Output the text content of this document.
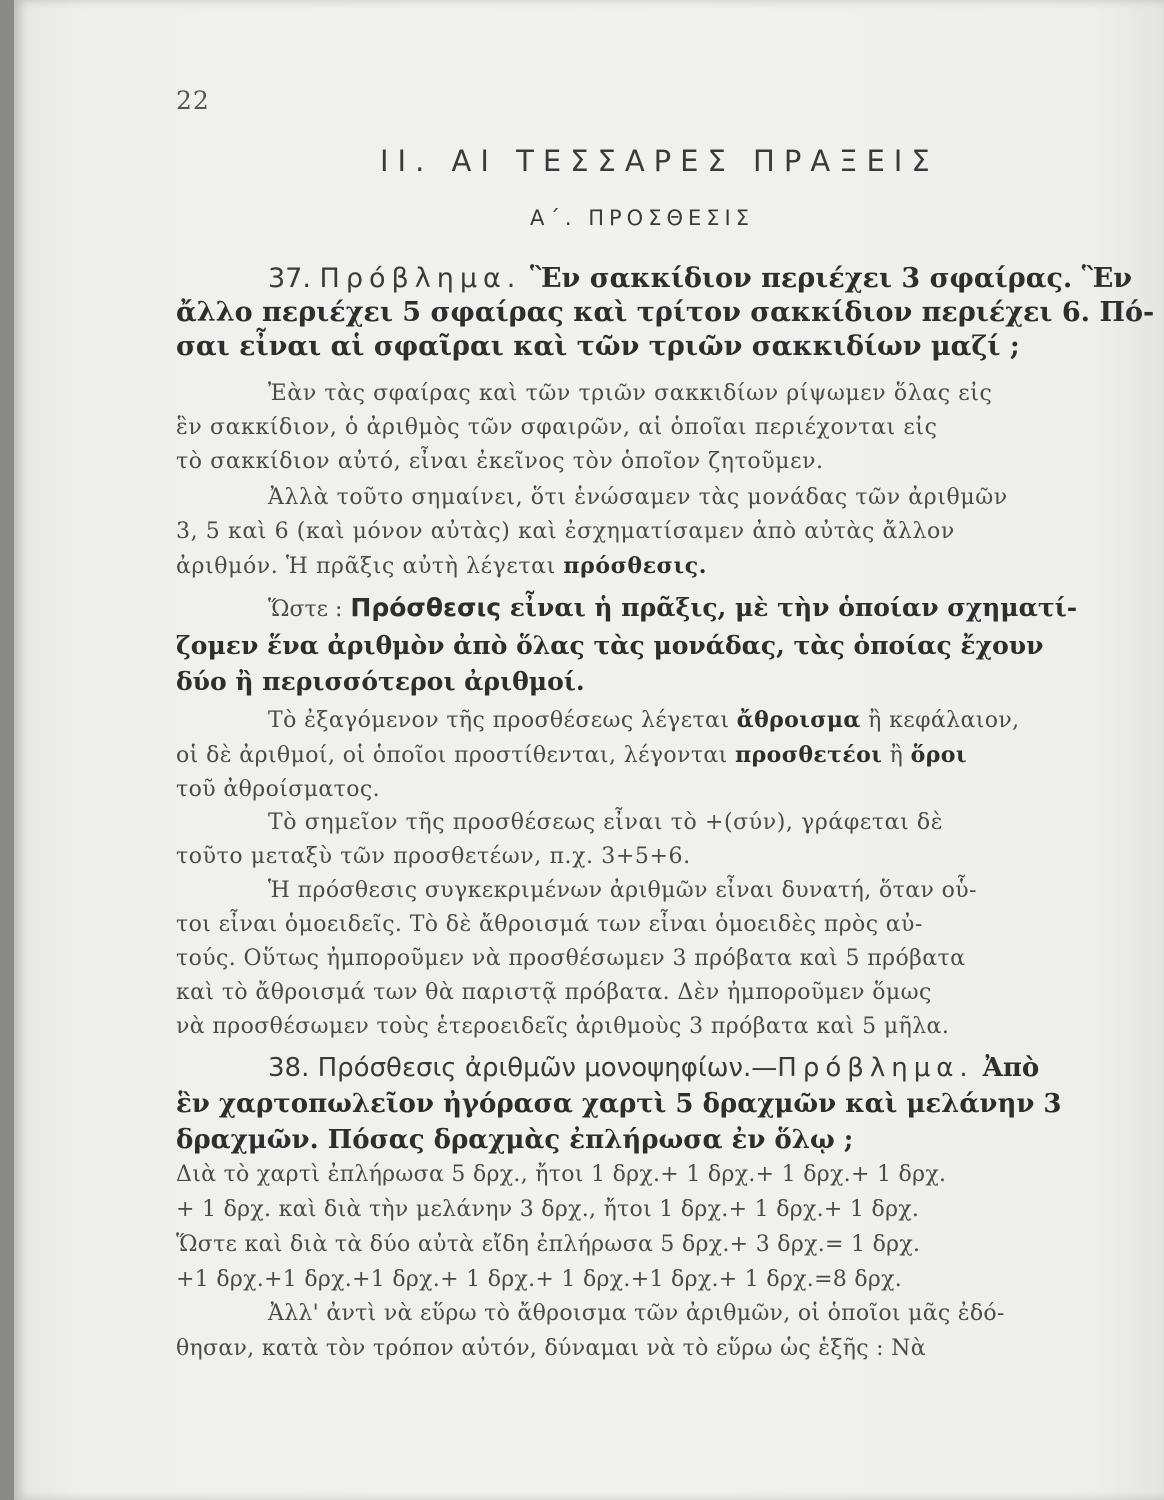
22
II. ΑΙ ΤΕΣΣΑΡΕΣ ΠΡΑΞΕΙΣ
Α΄. ΠΡΟΣΘΕΣΙΣ
37. Πρόβλημα. Ἓν σακκίδιον περιέχει 3 σφαίρας. Ἓν
ἄλλο περιέχει 5 σφαίρας καὶ τρίτον σακκίδιον περιέχει 6. Πό-
σαι εἶναι αἱ σφαῖραι καὶ τῶν τριῶν σακκιδίων μαζί ;
Ἐὰν τὰς σφαίρας καὶ τῶν τριῶν σακκιδίων ρίψωμεν ὅλας εἰς
ἓν σακκίδιον, ὁ ἀριθμὸς τῶν σφαιρῶν, αἱ ὁποῖαι περιέχονται εἰς
τὸ σακκίδιον αὐτό, εἶναι ἐκεῖνος τὸν ὁποῖον ζητοῦμεν.
Ἀλλὰ τοῦτο σημαίνει, ὅτι ἑνώσαμεν τὰς μονάδας τῶν ἀριθμῶν
3, 5 καὶ 6 (καὶ μόνον αὐτὰς) καὶ ἐσχηματίσαμεν ἀπὸ αὐτὰς ἄλλον
ἀριθμόν. Ἡ πρᾶξις αὐτὴ λέγεται πρόσθεσις.
Ὥστε : Πρόσθεσις εἶναι ἡ πρᾶξις, μὲ τὴν ὁποίαν σχηματί-
ζομεν ἕνα ἀριθμὸν ἀπὸ ὅλας τὰς μονάδας, τὰς ὁποίας ἔχουν
δύο ἢ περισσότεροι ἀριθμοί.
Τὸ ἐξαγόμενον τῆς προσθέσεως λέγεται ἄθροισμα ἢ κεφάλαιον,
οἱ δὲ ἀριθμοί, οἱ ὁποῖοι προστίθενται, λέγονται προσθετέοι ἢ ὅροι
τοῦ ἀθροίσματος.
Τὸ σημεῖον τῆς προσθέσεως εἶναι τὸ +(σύν), γράφεται δὲ
τοῦτο μεταξὺ τῶν προσθετέων, π.χ. 3+5+6.
Ἡ πρόσθεσις συγκεκριμένων ἀριθμῶν εἶναι δυνατή, ὅταν οὗ-
τοι εἶναι ὁμοειδεῖς. Τὸ δὲ ἄθροισμά των εἶναι ὁμοειδὲς πρὸς αὐ-
τούς. Οὕτως ἠμποροῦμεν νὰ προσθέσωμεν 3 πρόβατα καὶ 5 πρόβατα
καὶ τὸ ἄθροισμά των θὰ παριστᾷ πρόβατα. Δὲν ἠμποροῦμεν ὅμως
νὰ προσθέσωμεν τοὺς ἑτεροειδεῖς ἀριθμοὺς 3 πρόβατα καὶ 5 μῆλα.
38. Πρόσθεσις ἀριθμῶν μονοψηφίων.—Πρόβλημα. Ἀπὸ
ἓν χαρτοπωλεῖον ἠγόρασα χαρτὶ 5 δραχμῶν καὶ μελάνην 3
δραχμῶν. Πόσας δραχμὰς ἐπλήρωσα ἐν ὅλῳ ;
Διὰ τὸ χαρτὶ ἐπλήρωσα 5 δρχ., ἤτοι 1 δρχ.+ 1 δρχ.+ 1 δρχ.+ 1 δρχ.
+ 1 δρχ. καὶ διὰ τὴν μελάνην 3 δρχ., ἤτοι 1 δρχ.+ 1 δρχ.+ 1 δρχ.
Ὥστε καὶ διὰ τὰ δύο αὐτὰ εἴδη ἐπλήρωσα 5 δρχ.+ 3 δρχ.= 1 δρχ.
+1 δρχ.+1 δρχ.+1 δρχ.+ 1 δρχ.+ 1 δρχ.+1 δρχ.+ 1 δρχ.=8 δρχ.
Ἀλλ' ἀντὶ νὰ εὕρω τὸ ἄθροισμα τῶν ἀριθμῶν, οἱ ὁποῖοι μᾶς ἐδό-
θησαν, κατὰ τὸν τρόπον αὐτόν, δύναμαι νὰ τὸ εὕρω ὡς ἑξῆς : Νὰ
